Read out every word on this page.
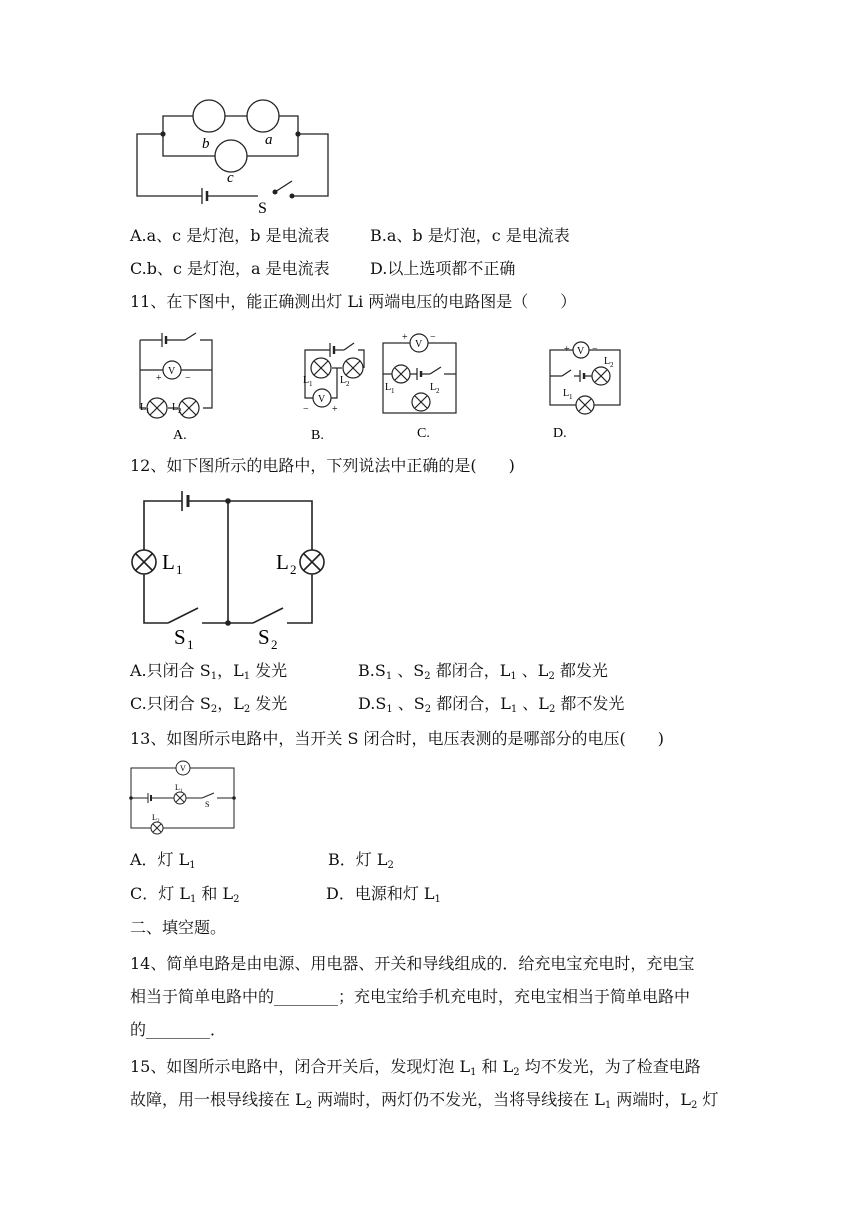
b	a
c
S
A.a、c 是灯泡，b 是电流表	B.a、b 是灯泡，c 是电流表
C.b、c 是灯泡，a 是电流表	D.以上选项都不正确
11、在下图中，能正确测出灯 Li 两端电压的电路图是（　　）
V
+ −
L 1 L 2
V
− +
L 1	L 2
V
+ −
L 1	L 2
V
+ −
L 2
L 1
A.	B.	C.	D.
12、如下图所示的电路中，下列说法中正确的是(　　)
L 1	L 2
S 1	S 2
A.只闭合 $S_1$，$L_1$ 发光	$B.S_1$ 、$S_2$ 都闭合，$L_1$ 、$L_2$ 都发光
C.只闭合 $S_2$，$L_2$ 发光	$D.S_1$ 、$S_2$ 都闭合，$L_1$ 、$L_2$ 都不发光
13、如图所示电路中，当开关 S 闭合时，电压表测的是哪部分的电压(　　)
V
L 1
S
L 2
A．灯 $L_1$	B．灯 $L_2$
C．灯 $L_1$ 和 $L_2$	D．电源和灯 $L_1$
二、填空题。
14、简单电路是由电源、用电器、开关和导线组成的．给充电宝充电时，充电宝
相当于简单电路中的________；充电宝给手机充电时，充电宝相当于简单电路中
的________．
15、如图所示电路中，闭合开关后，发现灯泡 $L_1$ 和 $L_2$ 均不发光，为了检查电路
故障，用一根导线接在 $L_2$ 两端时，两灯仍不发光，当将导线接在 $L_1$ 两端时，$L_2$ 灯
